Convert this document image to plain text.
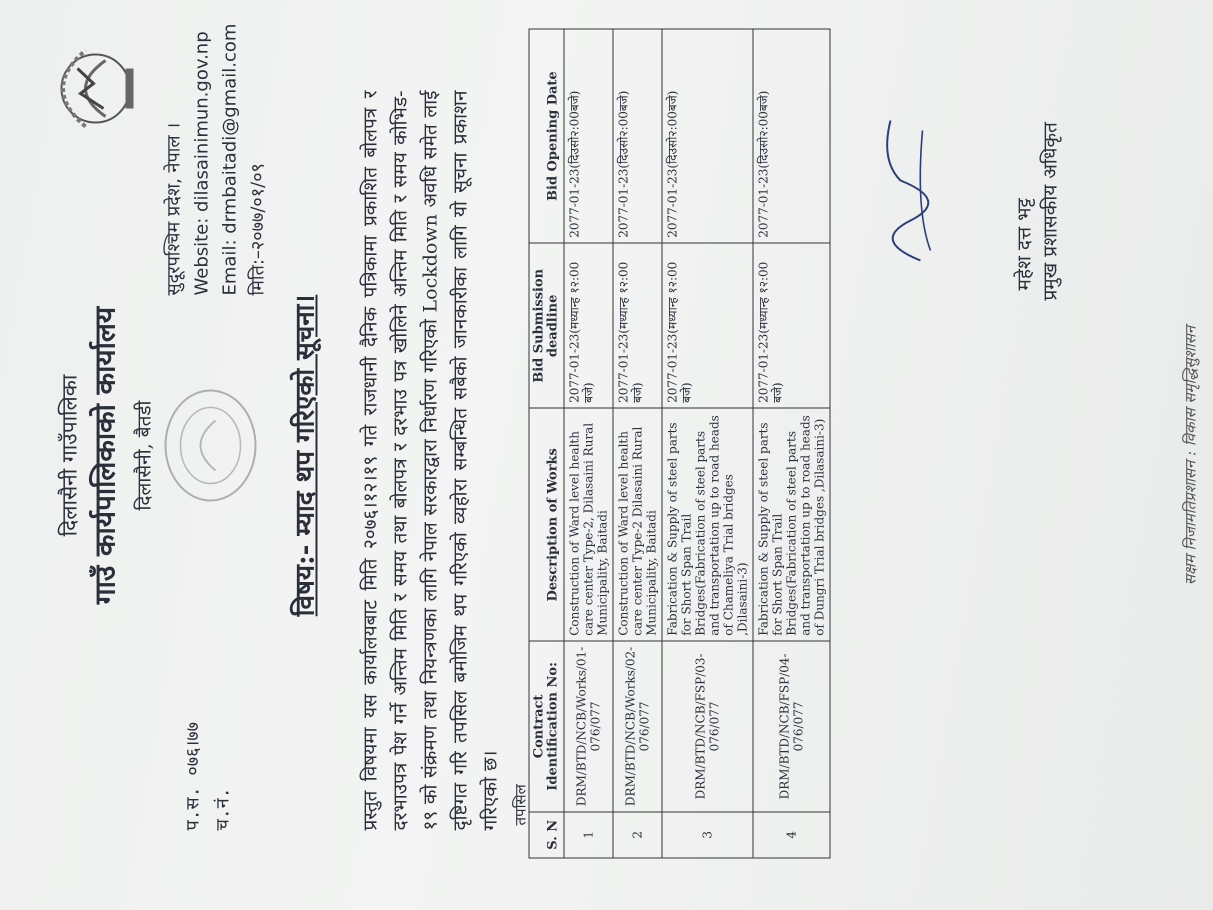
दिलासैनी गाउँपालिका गाउँ कार्यपालिकाको कार्यालय दिलासैनी, बैतडी
प.स. ०७६।७७ च.नं.
सुदूरपश्चिम प्रदेश, नेपाल । Website: dilasainimun.gov.np Email: drmbaitadi@gmail.com मिति:–२०७७/०१/०९
विषय:- म्याद थप गरिएको सूचना। प्रस्तुत विषयमा यस कार्यालयबाट मिति २०७६।१२।१९ गते राजधानी दैनिक पत्रिकामा प्रकाशित बोलपत्र र दरभाउपत्र पेश गर्ने अन्तिम मिति र समय तथा बोलपत्र र दरभाउ पत्र खोलिने अन्तिम मिति र समय कोभिड- १९ को संक्रमण तथा नियन्त्रणका लागि नेपाल सरकारद्वारा निर्धारण गरिएको Lockdown अवधि समेत लाई दृष्टिगत गरि तपसिल बमोजिम थप गरिएको व्यहोरा सम्बन्धित सबैको जानकारीका लागि यो सूचना प्रकाशन गरिएको छ। तपसिल
S. N	Contract Identification No:	Description of Works	Bid Submission deadline	Bid Opening Date
1	DRM/BTD/NCB/Works/01-076/077	Construction of Ward level health care center Type-2, Dilasaini Rural Municipality, Baitadi	2077-01-23(मध्यान्ह १२:00 बजे)	2077-01-23(दिउसो२:00बजे)
2	DRM/BTD/NCB/Works/02-076/077	Construction of Ward level health care center Type-2 Dilasaini Rural Municipality, Baitadi	2077-01-23(मध्यान्ह १२:00 बजे)	2077-01-23(दिउसो२:00बजे)
3	DRM/BTD/NCB/FSP/03-076/077	Fabrication & Supply of steel parts for Short Span Trail Bridges(Fabrication of steel parts and transportation up to road heads of Chameliya Trial bridges ,Dilasaini-3)	2077-01-23(मध्यान्ह १२:00 बजे)	2077-01-23(दिउसो२:00बजे)
4	DRM/BTD/NCB/FSP/04-076/077	Fabrication & Supply of steel parts for Short Span Trail Bridges(Fabrication of steel parts and transportation up to road heads of Dungri Trial bridges ,Dilasaini-3)	2077-01-23(मध्यान्ह १२:00 बजे)	2077-01-23(दिउसो२:00बजे)
महेश दत्त भट्ट प्रमुख प्रशासकीय अधिकृत
सक्षम निजामतिप्रशासन : विकास समृद्धिसुशासन
